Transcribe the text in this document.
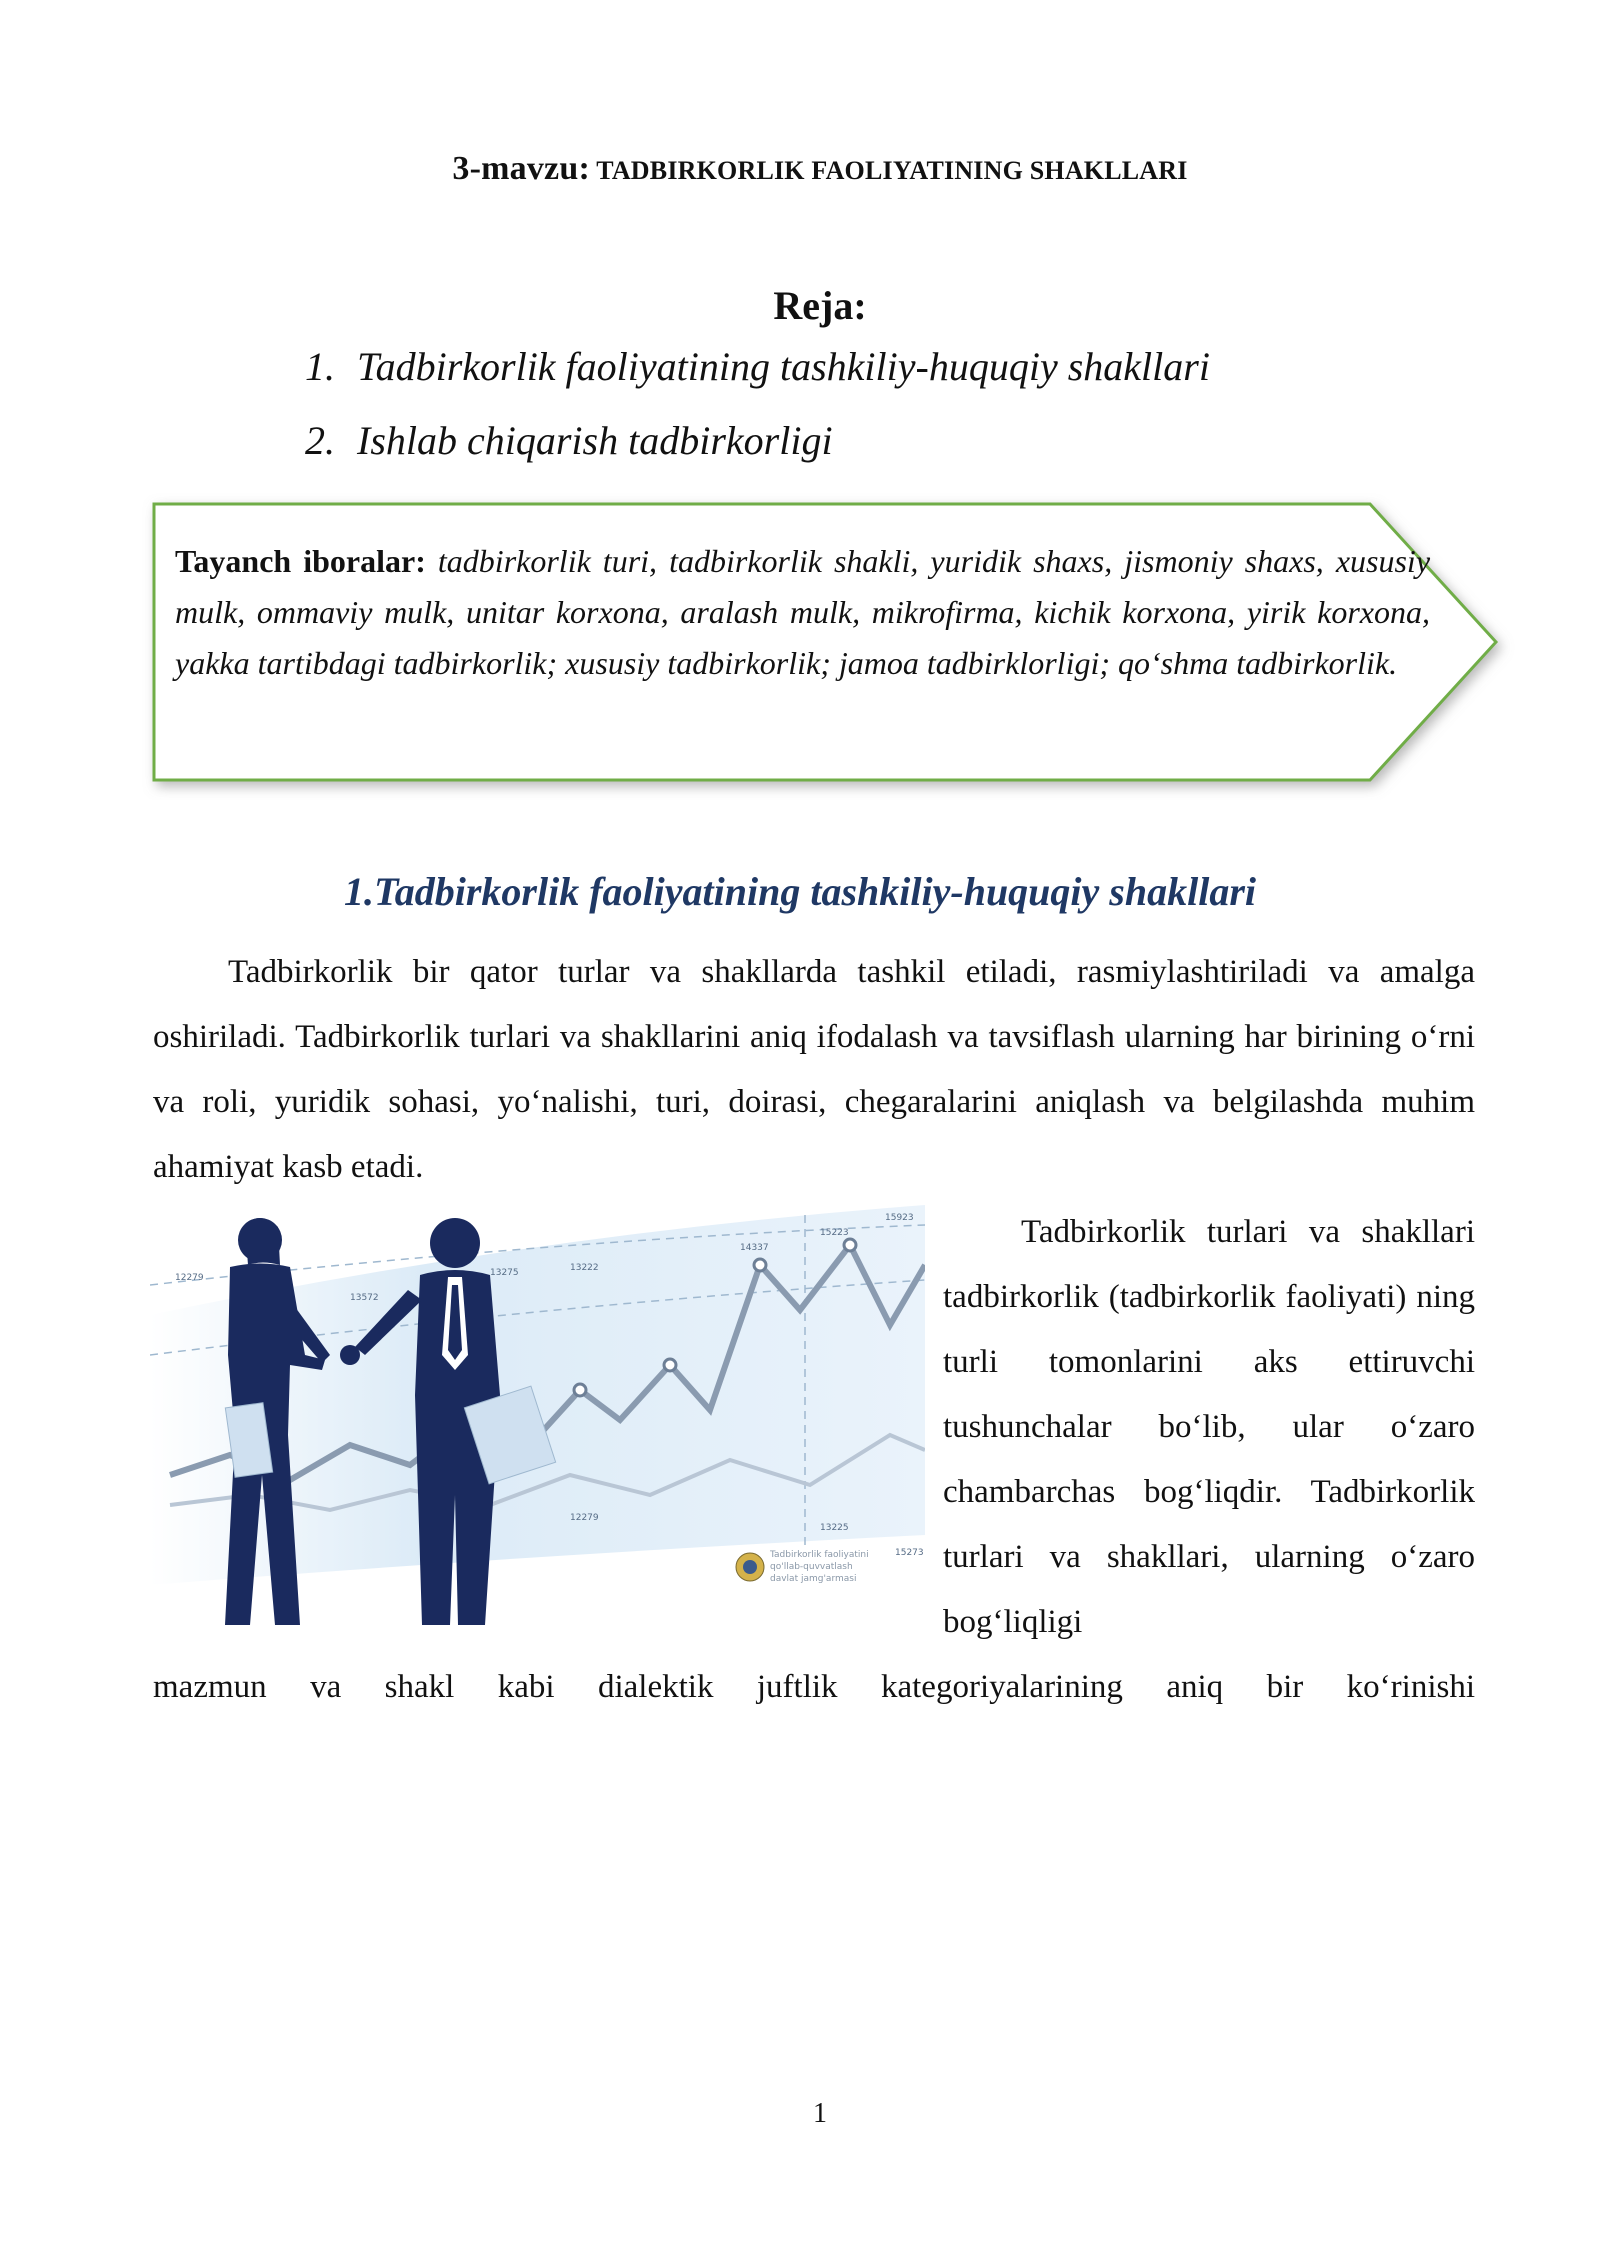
3-mavzu: TADBIRKORLIK FAOLIYATINING SHAKLLARI
Reja:
1. Tadbirkorlik faoliyatining tashkiliy-huquqiy shakllari
2. Ishlab chiqarish tadbirkorligi

Tayanch iboralar: tadbirkorlik turi, tadbirkorlik shakli, yuridik shaxs, jismoniy shaxs, xususiy mulk, ommaviy mulk, unitar korxona, aralash mulk, mikrofirma, kichik korxona, yirik korxona, yakka tartibdagi tadbirkorlik; xususiy tadbirkorlik; jamoa tadbirklorligi; qo‘shma tadbirkorlik.

1.Tadbirkorlik faoliyatining tashkiliy-huquqiy shakllari

Tadbirkorlik bir qator turlar va shakllarda tashkil etiladi, rasmiylashtiriladi va amalga oshiriladi. Tadbirkorlik turlari va shakllarini aniq ifodalash va tavsiflash ularning har birining o‘rni va roli, yuridik sohasi, yo‘nalishi, turi, doirasi, chegaralarini aniqlash va belgilashda muhim ahamiyat kasb etadi.

12279
13572
13275	13222
14337
15223
15923
12279
13225
15273
Tadbirkorlik faoliyatini
qo'llab-quvvatlash
davlat jamg'armasi

Tadbirkorlik turlari va shakllari tadbirkorlik (tadbirkorlik faoliyati) ning turli tomonlarini aks ettiruvchi tushunchalar bo‘lib, ular o‘zaro chambarchas bog‘liqdir. Tadbirkorlik turlari va shakllari, ularning o‘zaro bog‘liqligi

mazmun va shakl kabi dialektik juftlik kategoriyalarining aniq bir ko‘rinishi

1
